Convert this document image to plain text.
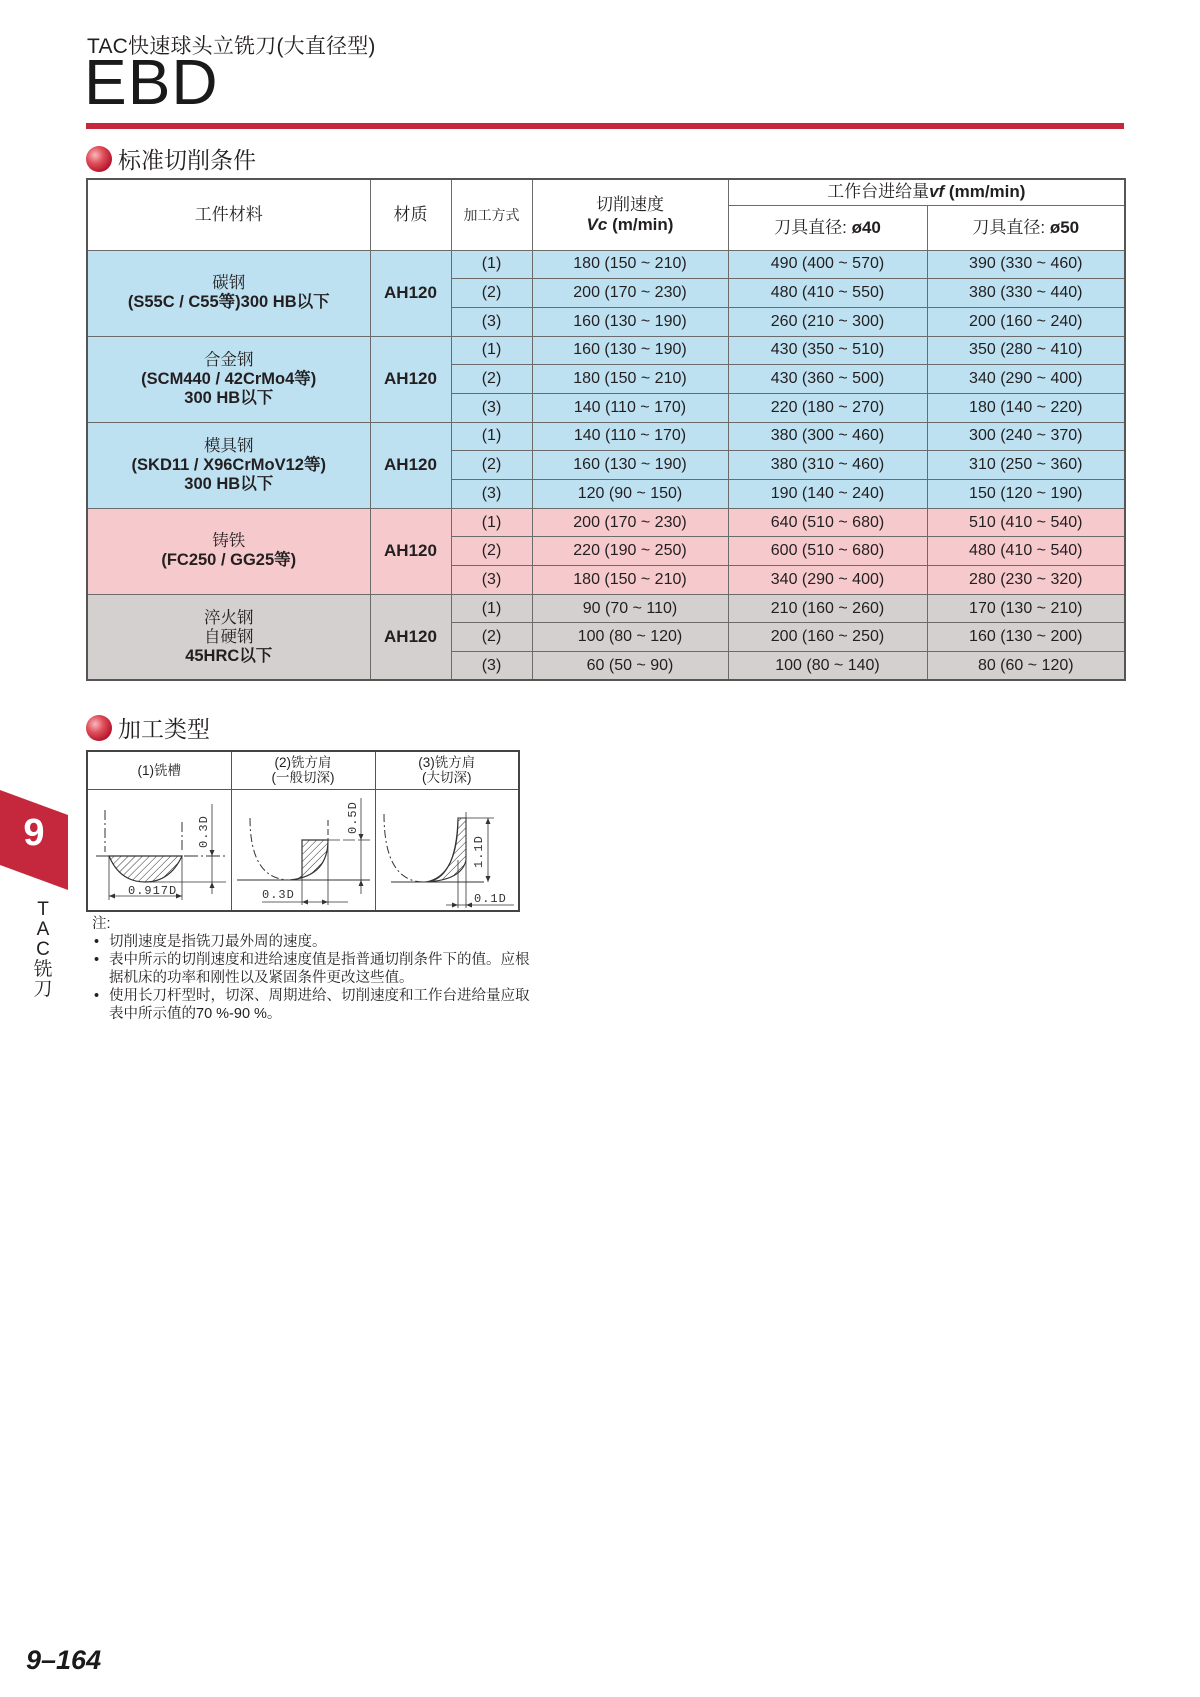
TAC快速球头立铣刀(大直径型)
EBD
标准切削条件
工件材料	材质	加工方式	切削速度
Vc (m/min)	工作台进给量vf (mm/min)	
				刀具直径: ø40	刀具直径: ø50

碳钢
(S55C / C55等)300 HB以下	AH120	(1)	180 (150 ~ 210)	490 (400 ~ 570)	390 (330 ~ 460)
		(2)	200 (170 ~ 230)	480 (410 ~ 550)	380 (330 ~ 440)
		(3)	160 (130 ~ 190)	260 (210 ~ 300)	200 (160 ~ 240)

合金钢
(SCM440 / 42CrMo4等)
300 HB以下	AH120	(1)	160 (130 ~ 190)	430 (350 ~ 510)	350 (280 ~ 410)
		(2)	180 (150 ~ 210)	430 (360 ~ 500)	340 (290 ~ 400)
		(3)	140 (110 ~ 170)	220 (180 ~ 270)	180 (140 ~ 220)

模具钢
(SKD11 / X96CrMoV12等)
300 HB以下	AH120	(1)	140 (110 ~ 170)	380 (300 ~ 460)	300 (240 ~ 370)
		(2)	160 (130 ~ 190)	380 (310 ~ 460)	310 (250 ~ 360)
		(3)	120 (90 ~ 150)	190 (140 ~ 240)	150 (120 ~ 190)

铸铁
(FC250 / GG25等)	AH120	(1)	200 (170 ~ 230)	640 (510 ~ 680)	510 (410 ~ 540)
		(2)	220 (190 ~ 250)	600 (510 ~ 680)	480 (410 ~ 540)
		(3)	180 (150 ~ 210)	340 (290 ~ 400)	280 (230 ~ 320)

淬火钢
自硬钢
45HRC以下	AH120	(1)	90 (70 ~ 110)	210 (160 ~ 260)	170 (130 ~ 210)
		(2)	100 (80 ~ 120)	200 (160 ~ 250)	160 (130 ~ 200)
		(3)	60 (50 ~ 90)	100 (80 ~ 140)	80 (60 ~ 120)
加工类型
(1)铣槽	(2)铣方肩
(一般切深)

(3)铣方肩
(大切深)

0.917D
0.3D	0.3D
0.5D	0.1D
1.1D
注:
• 切削速度是指铣刀最外周的速度。
• 表中所示的切削速度和进给速度值是指普通切削条件下的值。应根据机床的功率和刚性以及紧固条件更改这些值。
• 使用长刀杆型时，切深、周期进给、切削速度和工作台进给量应取表中所示值的70 %-90 %。
9
T
A
C
铣
刀
9–164
